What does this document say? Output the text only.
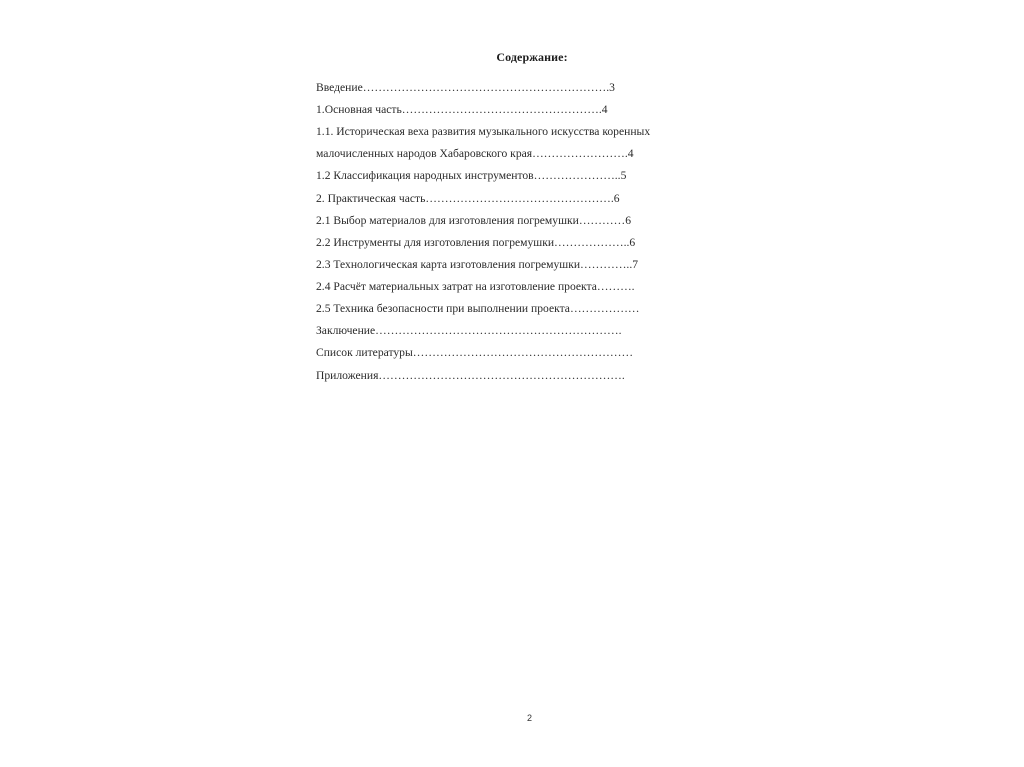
Содержание:
Введение……………………………………………………….3
1.Основная часть…………………………………………….4
1.1. Историческая веха развития музыкального искусства коренных
малочисленных народов Хабаровского края…………………….4
1.2 Классификация народных инструментов…………………..5
2. Практическая часть………………………………………….6
2.1 Выбор материалов для изготовления погремушки…………6
2.2 Инструменты для изготовления погремушки………………..6
2.3 Технологическая карта изготовления погремушки…………..7
2.4 Расчёт материальных затрат на изготовление проекта……….
2.5 Техника безопасности при выполнении проекта………………
Заключение……………………………………………………….
Список литературы…………………………………………………
Приложения……………………………………………………….
2
